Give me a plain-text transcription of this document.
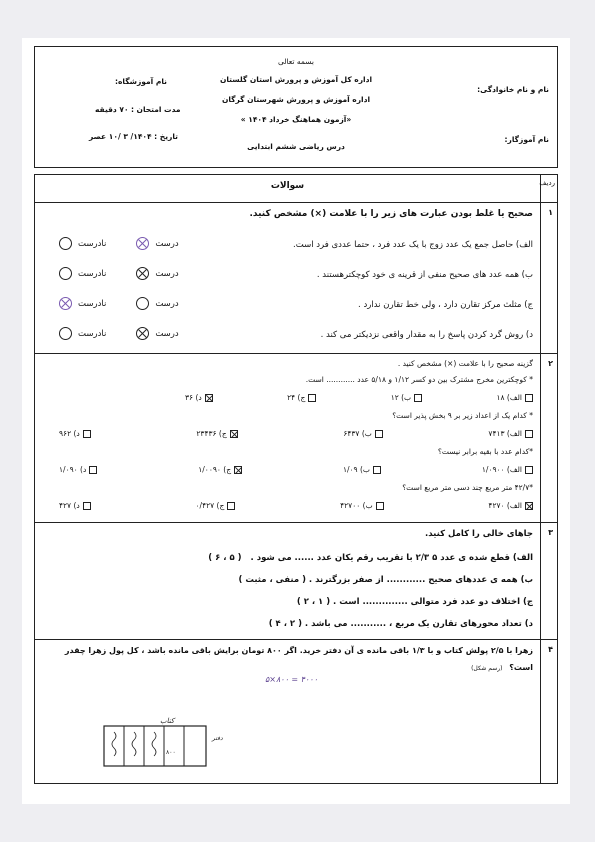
بسمه تعالی
اداره کل آموزش و پرورش استان گلستان
اداره آموزش و پرورش شهرستان گرگان
«آزمون هماهنگ خرداد ۱۴۰۴ »
درس ریاضی ششم ابتدایی
نام و نام خانوادگی:
نام آموزگار:
نام آموزشگاه:
مدت امتحان : ۷۰ دقیقه
تاریخ : ۱۴۰۴/ ۳ /۱۰ عصر
ردیف
سوالات
۱
صحیح یا غلط بودن عبارت های زیر را با علامت (×) مشخص کنید.
الف) حاصل جمع یک عدد زوج با یک عدد فرد ، حتما عددی فرد است.
درست
نادرست
ب) همه عدد های صحیح منفی از قرینه ی خود کوچکترهستند .
درست
نادرست
ج) مثلث مرکز تقارن دارد ، ولی خط تقارن ندارد .
درست
نادرست
د) روش گرد کردن پاسخ را به مقدار واقعی نزدیکتر می کند .
درست
نادرست
۲
گزینه صحیح را با علامت (×) مشخص کنید .
* کوچکترین مخرج مشترک بین دو کسر ۱/۱۲ و ۵/۱۸ عدد ............ است.
الف) ۱۸
ب) ۱۲
ج) ۲۴
د) ۳۶
* کدام یک از اعداد زیر بر ۹ بخش پذیر است؟
الف) ۷۴۱۳
ب) ۶۴۳۷
ج) ۲۳۴۳۶
د) ۹۶۲
*کدام عدد با بقیه برابر نیست؟
الف) ۱/۰۹۰۰
ب) ۱/۰۹
ج) ۱/۰۰۹۰
د) ۱/۰۹۰
*۴۲/۷ متر مربع چند دسی متر مربع است؟
الف) ۴۲۷۰
ب) ۴۲۷۰۰
ج) ۰/۴۲۷
د) ۴۲۷
۳
جاهای خالی را کامل کنید.
الف) قطع شده ی عدد ۵ ۲/۳ با تقریب رقم یکان عدد ...... می شود . ( ۵ ، ۶ )
ب) همه ی عددهای صحیح ............ از صفر بزرگترند . ( منفی ، مثبت )
ج) اختلاف دو عدد فرد متوالی .............. است . ( ۱ ، ۲ )
د) تعداد محورهای تقارن یک مربع ، ........... می باشد . ( ۲ ، ۴ )
۴
زهرا با ۲/۵ پولش کتاب و با ۱/۳ باقی مانده ی آن دفتر خرید. اگر ۸۰۰ تومان برایش باقی مانده باشد ، کل پول زهرا چقدر
است؟ (رسم شکل)
۵×۸۰۰ = ۴۰۰۰
۸۰۰
کتاب
دفتر
